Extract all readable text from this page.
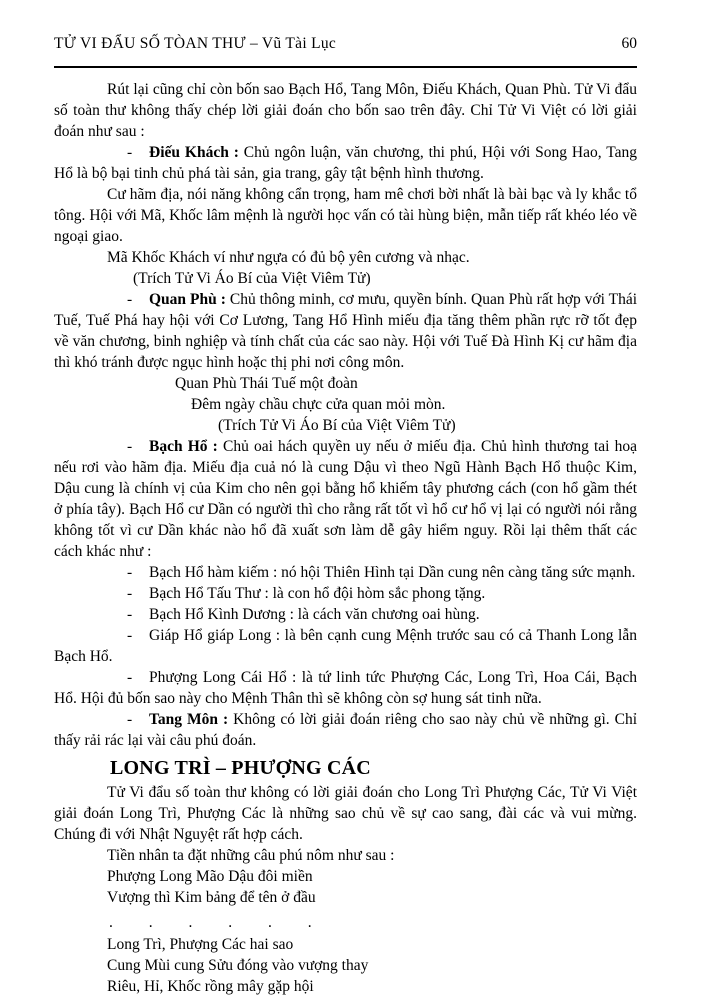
TỬ VI ĐẨU SỐ TÒAN THƯ – Vũ Tài Lục	60

Rút lại cũng chỉ còn bốn sao Bạch Hổ, Tang Môn, Điếu Khách, Quan Phù. Tử Vi đẩu số toàn thư không thấy chép lời giải đoán cho bốn sao trên đây. Chỉ Tử Vi Việt có lời giải đoán như sau :

- Điếu Khách : Chủ ngôn luận, văn chương, thi phú, Hội với Song Hao, Tang Hổ là bộ bại tinh chủ phá tài sản, gia trang, gây tật bệnh hình thương.

Cư hãm địa, nói năng không cẩn trọng, ham mê chơi bời nhất là bài bạc và ly khắc tổ tông. Hội với Mã, Khốc lâm mệnh là người học vấn có tài hùng biện, mẫn tiếp rất khéo léo về ngoại giao.

Mã Khốc Khách ví như ngựa có đủ bộ yên cương và nhạc.

(Trích Tử Vi Áo Bí của Việt Viêm Tử)

- Quan Phù : Chủ thông minh, cơ mưu, quyền bính. Quan Phù rất hợp với Thái Tuế, Tuế Phá hay hội với Cơ Lương, Tang Hổ Hình miếu địa tăng thêm phần rực rỡ tốt đẹp về văn chương, binh nghiệp và tính chất của các sao này. Hội với Tuế Đà Hình Kị cư hãm địa thì khó tránh được ngục hình hoặc thị phi nơi công môn.

Quan Phù Thái Tuế một đoàn

Đêm ngày chầu chực cửa quan mỏi mòn.

(Trích Tử Vi Áo Bí của Việt Viêm Tử)

- Bạch Hổ : Chủ oai hách quyền uy nếu ở miếu địa. Chủ hình thương tai hoạ nếu rơi vào hãm địa. Miếu địa cuả nó là cung Dậu vì theo Ngũ Hành Bạch Hổ thuộc Kim, Dậu cung là chính vị của Kim cho nên gọi bằng hổ khiếm tây phương cách (con hổ gầm thét ở phía tây). Bạch Hổ cư Dần có người thì cho rằng rất tốt vì hổ cư hổ vị lại có người nói rằng không tốt vì cư Dần khác nào hổ đã xuất sơn làm dễ gây hiểm nguy. Rồi lại thêm thất các cách khác như :

- Bạch Hổ hàm kiếm : nó hội Thiên Hình tại Dần cung nên càng tăng sức mạnh.

- Bạch Hổ Tấu Thư : là con hổ đội hòm sắc phong tặng.

- Bạch Hổ Kình Dương : là cách văn chương oai hùng.

- Giáp Hổ giáp Long : là bên cạnh cung Mệnh trước sau có cả Thanh Long lẫn Bạch Hổ.

- Phượng Long Cái Hổ : là tứ linh tức Phượng Các, Long Trì, Hoa Cái, Bạch Hổ. Hội đủ bốn sao này cho Mệnh Thân thì sẽ không còn sợ hung sát tinh nữa.

- Tang Môn : Không có lời giải đoán riêng cho sao này chủ về những gì. Chỉ thấy rải rác lại vài câu phú đoán.

LONG TRÌ – PHƯỢNG CÁC

Tử Vi đẩu số toàn thư không có lời giải đoán cho Long Trì Phượng Các, Tử Vi Việt giải đoán Long Trì, Phượng Các là những sao chủ về sự cao sang, đài các và vui mừng. Chúng đi với Nhật Nguyệt rất hợp cách.

Tiền nhân ta đặt những câu phú nôm như sau :

Phượng Long Mão Dậu đôi miền

Vượng thì Kim bảng để tên ở đầu

. . . . . .

Long Trì, Phượng Các hai sao

Cung Mùi cung Sửu đóng vào vượng thay

Riêu, Hỉ, Khốc rồng mây gặp hội
